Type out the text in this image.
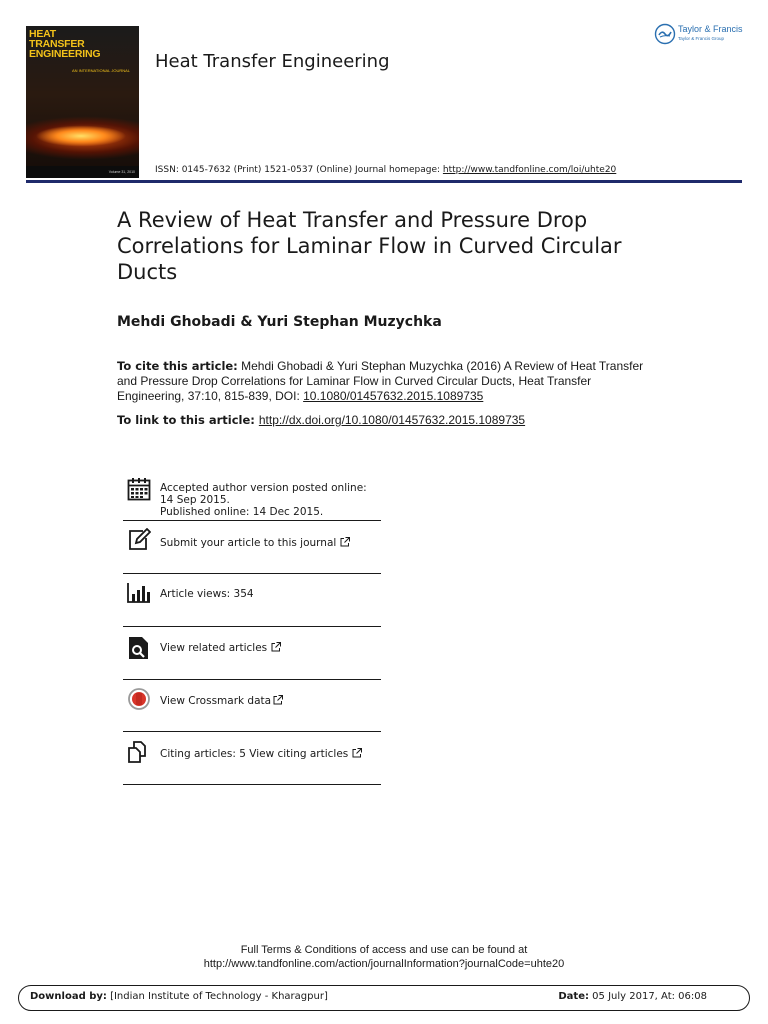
HEAT
TRANSFER
ENGINEERING
AN INTERNATIONAL JOURNAL
Volume 31, 2010
Heat Transfer Engineering
ISSN: 0145-7632 (Print) 1521-0537 (Online) Journal homepage: http://www.tandfonline.com/loi/uhte20
Taylor & Francis
Taylor & Francis Group
A Review of Heat Transfer and Pressure Drop Correlations for Laminar Flow in Curved Circular Ducts
Mehdi Ghobadi & Yuri Stephan Muzychka
To cite this article: Mehdi Ghobadi & Yuri Stephan Muzychka (2016) A Review of Heat Transfer and Pressure Drop Correlations for Laminar Flow in Curved Circular Ducts, Heat Transfer Engineering, 37:10, 815-839, DOI: 10.1080/01457632.2015.1089735
To link to this article: http://dx.doi.org/10.1080/01457632.2015.1089735
Accepted author version posted online: 14 Sep 2015.
Published online: 14 Dec 2015.
Submit your article to this journal
Article views: 354
View related articles
View Crossmark data
Citing articles: 5 View citing articles
Full Terms & Conditions of access and use can be found at
http://www.tandfonline.com/action/journalInformation?journalCode=uhte20
Download by: [Indian Institute of Technology - Kharagpur]	Date: 05 July 2017, At: 06:08
